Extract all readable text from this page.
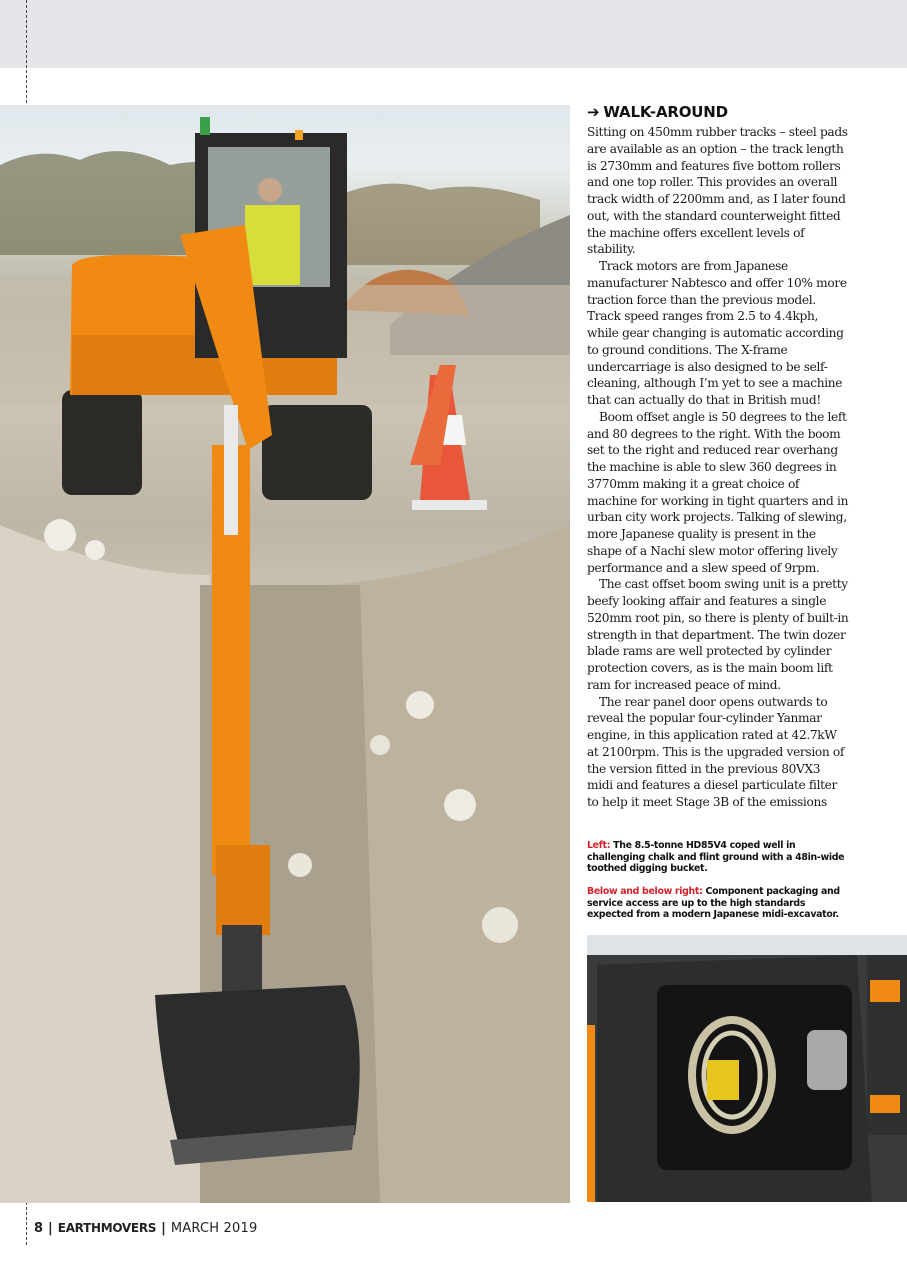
➔ WALK-AROUND

Sitting on 450mm rubber tracks – steel pads are available as an option – the track length is 2730mm and features five bottom rollers and one top roller. This provides an overall track width of 2200mm and, as I later found out, with the standard counterweight fitted the machine offers excellent levels of stability.

Track motors are from Japanese manufacturer Nabtesco and offer 10% more traction force than the previous model. Track speed ranges from 2.5 to 4.4kph, while gear changing is automatic according to ground conditions. The X-frame undercarriage is also designed to be self-cleaning, although I’m yet to see a machine that can actually do that in British mud!

Boom offset angle is 50 degrees to the left and 80 degrees to the right. With the boom set to the right and reduced rear overhang the machine is able to slew 360 degrees in 3770mm making it a great choice of machine for working in tight quarters and in urban city work projects. Talking of slewing, more Japanese quality is present in the shape of a Nachi slew motor offering lively performance and a slew speed of 9rpm.

The cast offset boom swing unit is a pretty beefy looking affair and features a single 520mm root pin, so there is plenty of built-in strength in that department. The twin dozer blade rams are well protected by cylinder protection covers, as is the main boom lift ram for increased peace of mind.

The rear panel door opens outwards to reveal the popular four-cylinder Yanmar engine, in this application rated at 42.7kW at 2100rpm. This is the upgraded version of the version fitted in the previous 80VX3 midi and features a diesel particulate filter to help it meet Stage 3B of the emissions

Left: The 8.5-tonne HD85V4 coped well in challenging chalk and flint ground with a 48in-wide toothed digging bucket.
Below and below right: Component packaging and service access are up to the high standards expected from a modern Japanese midi-excavator.
8 | EARTHMOVERS | MARCH 2019
